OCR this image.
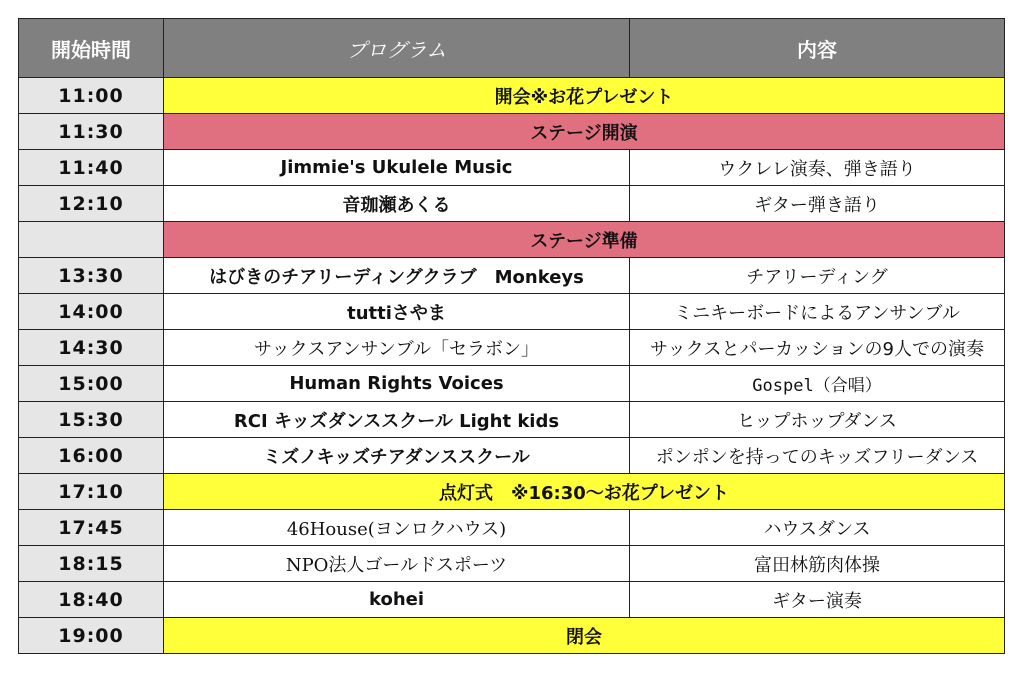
開始時間	プログラム	内容
11:00	開会※お花プレゼント	
11:30	ステージ開演	
11:40	Jimmie's Ukulele Music	ウクレレ演奏、弾き語り
12:10	音珈瀬あくる	ギター弾き語り
	ステージ準備	
13:30	はびきのチアリーディングクラブ　Monkeys	チアリーディング
14:00	tuttiさやま	ミニキーボードによるアンサンブル
14:30	サックスアンサンブル「セラボン」	サックスとパーカッションの9人での演奏
15:00	Human Rights Voices	Gospel（合唱）
15:30	RCI キッズダンススクール Light kids	ヒップホップダンス
16:00	ミズノキッズチアダンススクール	ポンポンを持ってのキッズフリーダンス
17:10	点灯式　※16:30〜お花プレゼント	
17:45	46House(ヨンロクハウス)	ハウスダンス
18:15	NPO法人ゴールドスポーツ	富田林筋肉体操
18:40	kohei	ギター演奏
19:00	閉会	
